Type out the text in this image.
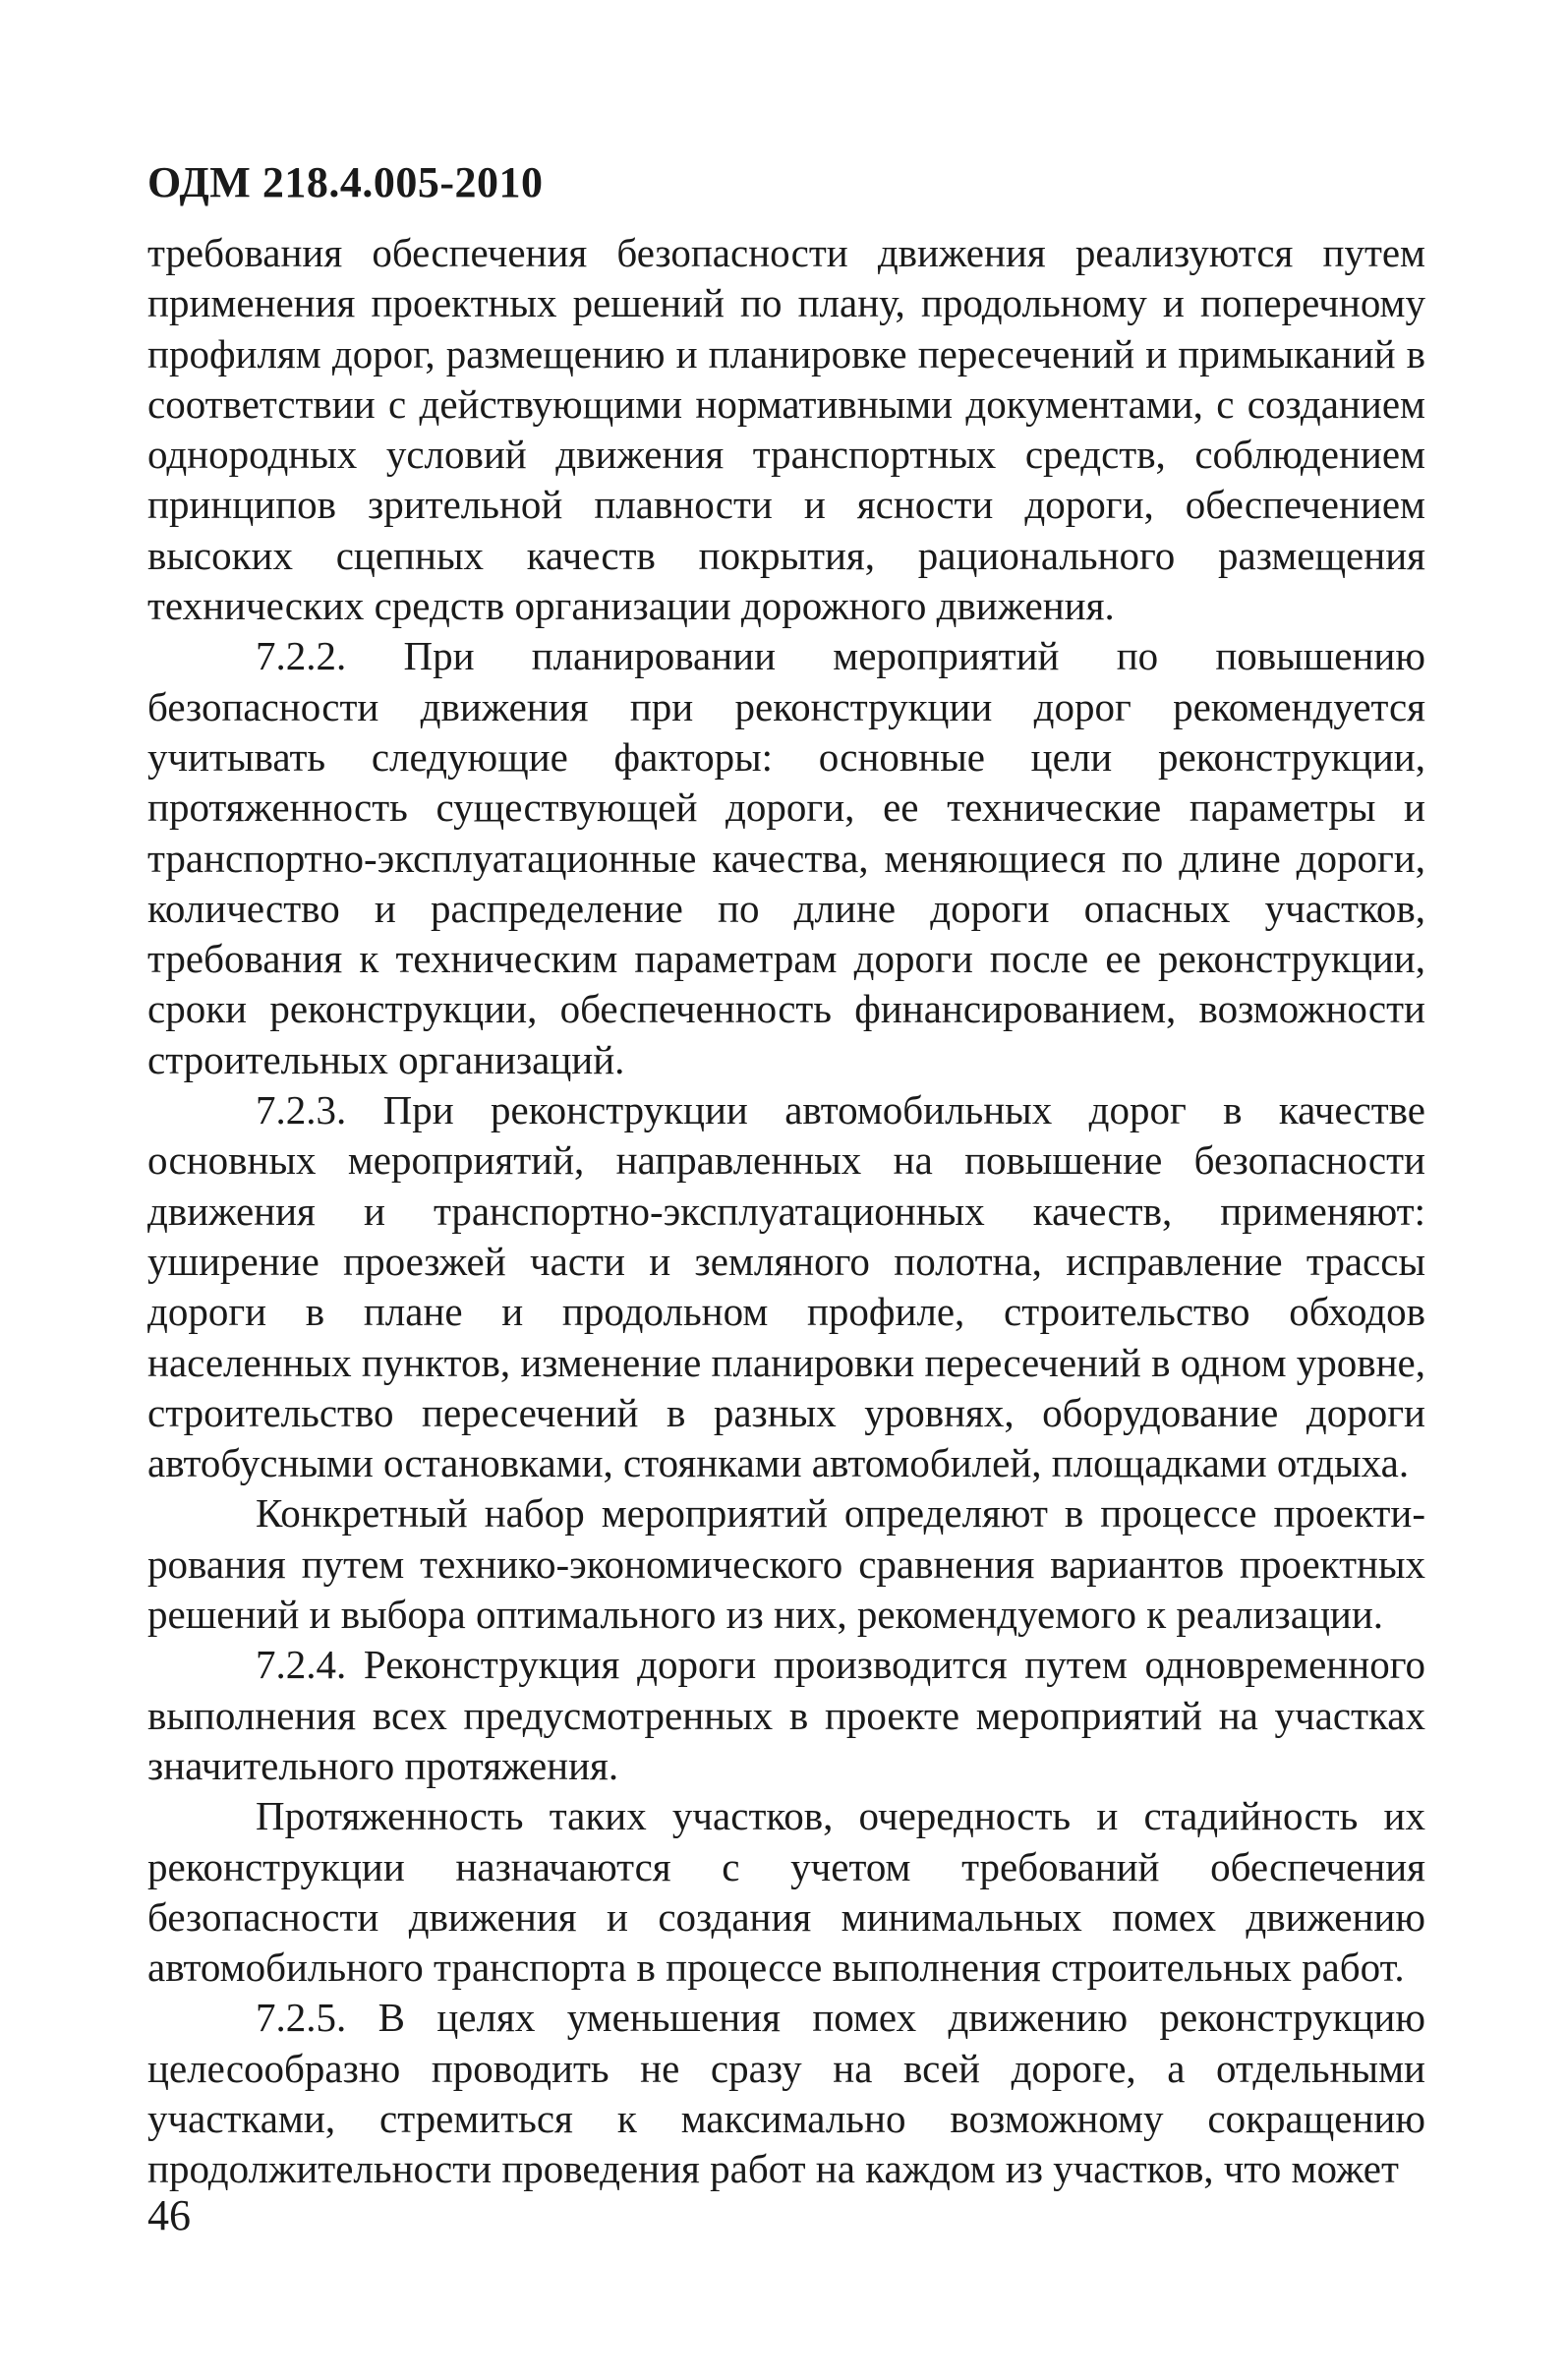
ОДМ 218.4.005-2010

требования обеспечения безопасности движения реализуются путем применения проектных решений по плану, продольному и поперечному профилям дорог, размещению и планировке пересечений и примыканий в соответствии с действующими нормативными документами, с созданием однородных условий движения транспортных средств, соблюдением принципов зрительной плавности и ясности дороги, обеспечением высоких сцепных качеств покрытия, рационального размещения технических средств организации дорожного движения.

7.2.2. При планировании мероприятий по повышению безопасности движения при реконструкции дорог рекомендуется учитывать следующие факторы: основные цели реконструкции, протяженность существующей дороги, ее технические параметры и транспортно-эксплуатационные качества, меняющиеся по длине дороги, количество и распределение по длине дороги опасных участков, требования к техническим параметрам дороги после ее реконструкции, сроки реконструкции, обеспеченность финансированием, возможности строительных организаций.

7.2.3. При реконструкции автомобильных дорог в качестве основных мероприятий, направленных на повышение безопасности движения и транспортно-эксплуатационных качеств, применяют: уширение проезжей части и земляного полотна, исправление трассы дороги в плане и продольном профиле, строительство обходов населенных пунктов, изменение планировки пересечений в одном уровне, строительство пересечений в разных уровнях, оборудование дороги автобусными остановками, стоянками автомобилей, площадками отдыха.

Конкретный набор мероприятий определяют в процессе проектирования путем технико-экономического сравнения вариантов проектных решений и выбора оптимального из них, рекомендуемого к реализации.

7.2.4. Реконструкция дороги производится путем одновременного выполнения всех предусмотренных в проекте мероприятий на участках значительного протяжения.

Протяженность таких участков, очередность и стадийность их реконструкции назначаются с учетом требований обеспечения безопасности движения и создания минимальных помех движению автомобильного транспорта в процессе выполнения строительных работ.

7.2.5. В целях уменьшения помех движению реконструкцию целесообразно проводить не сразу на всей дороге, а отдельными участками, стремиться к максимально возможному сокращению продолжительности проведения работ на каждом из участков, что может

46
